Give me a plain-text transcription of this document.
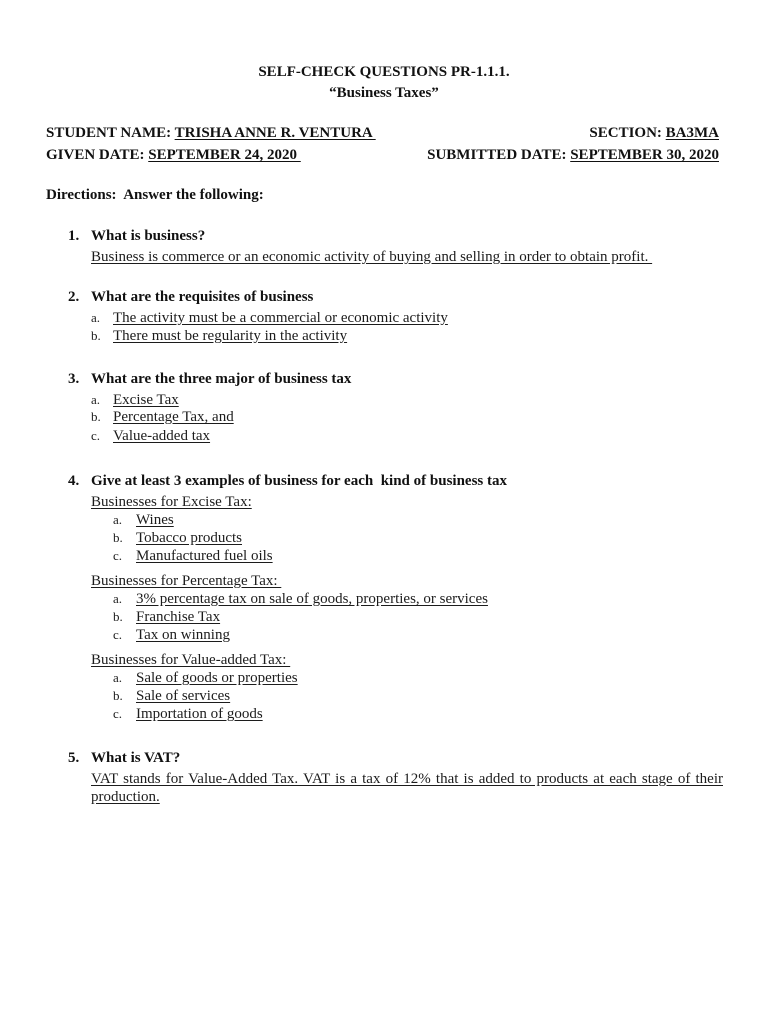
SELF-CHECK QUESTIONS PR-1.1.1.
“Business Taxes”
STUDENT NAME: TRISHA ANNE R. VENTURA	SECTION: BA3MA
GIVEN DATE: SEPTEMBER 24, 2020	SUBMITTED DATE: SEPTEMBER 30, 2020
Directions:  Answer the following:
1. What is business?
Business is commerce or an economic activity of buying and selling in order to obtain profit.
2. What are the requisites of business
a. The activity must be a commercial or economic activity
b. There must be regularity in the activity
3. What are the three major of business tax
a. Excise Tax
b. Percentage Tax, and
c. Value-added tax
4. Give at least 3 examples of business for each  kind of business tax
Businesses for Excise Tax:
a. Wines
b. Tobacco products
c. Manufactured fuel oils
Businesses for Percentage Tax:
a. 3% percentage tax on sale of goods, properties, or services
b. Franchise Tax
c. Tax on winning
Businesses for Value-added Tax:
a. Sale of goods or properties
b. Sale of services
c. Importation of goods
5. What is VAT?
VAT stands for Value-Added Tax. VAT is a tax of 12% that is added to products at each stage of their production.
